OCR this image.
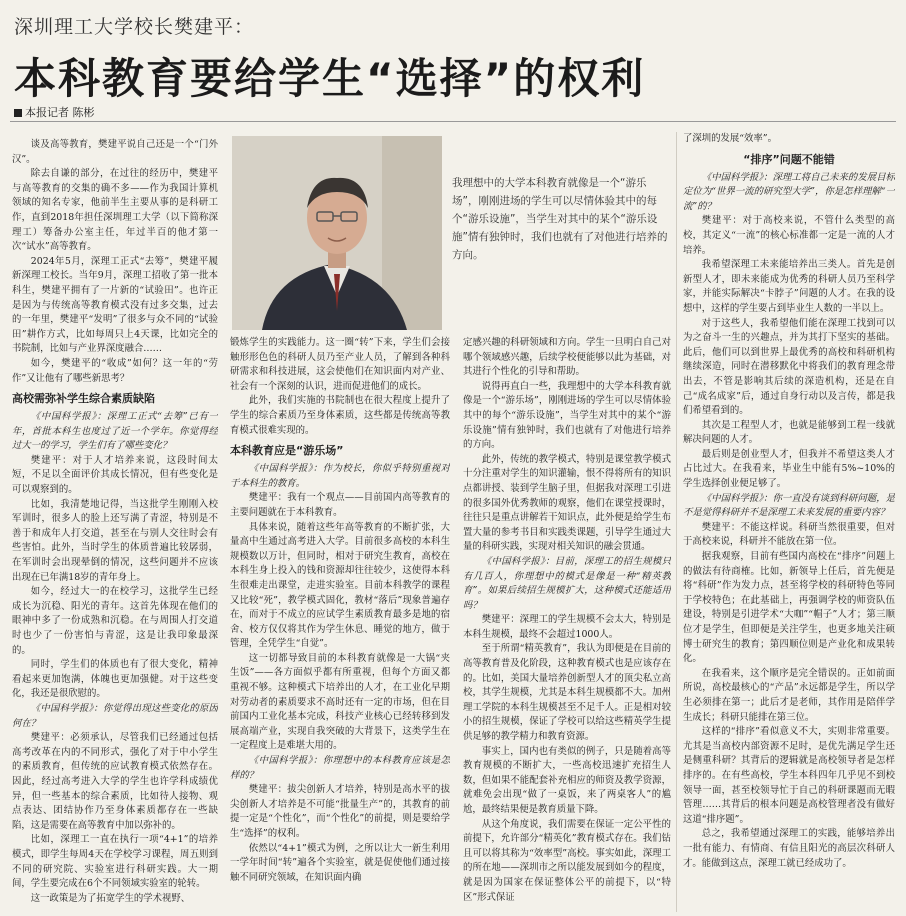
深圳理工大学校长樊建平：
本科教育要给学生“选择”的权利
本报记者 陈彬

谈及高等教育，樊建平说自己还是一个“门外汉”。

除去自谦的部分，在过往的经历中，樊建平与高等教育的交集的确不多——作为我国计算机领域的知名专家，他前半生主要从事的是科研工作，直到2018年担任深圳理工大学（以下简称深理工）筹备办公室主任，年过半百的他才第一次“试水”高等教育。

2024年5月，深理工正式“去筹”，樊建平履新深理工校长。当年9月，深理工招收了第一批本科生，樊建平拥有了一片新的“试验田”。也许正是因为与传统高等教育模式没有过多交集，过去的一年里，樊建平“发明”了很多与众不同的“试验田”耕作方式，比如每周只上4天课，比如完全的书院制，比如与产业界深度融合……

如今，樊建平的“收成”如何？这一年的“劳作”又让他有了哪些新思考？

高校需弥补学生综合素质缺陷

《中国科学报》：深理工正式“去筹”已有一年，首批本科生也度过了近一个学年。你觉得经过大一的学习，学生们有了哪些变化？

樊建平：对于人才培养来说，这段时间太短，不足以全面评价其成长情况，但有些变化是可以观察到的。

比如，我清楚地记得，当这批学生刚刚入校军训时，很多人的脸上还写满了青涩，特别是不善于和成年人打交道，甚至在与别人交往时会有些害怕。此外，当时学生的体质普遍比较孱弱，在军训时会出现晕倒的情况，这些问题并不应该出现在已年满18岁的青年身上。

如今，经过大一的在校学习，这批学生已经成长为沉稳、阳光的青年。这首先体现在他们的眼神中多了一份成熟和沉稳。在与周围人打交道时也少了一份害怕与青涩，这是让我印象最深的。

同时，学生们的体质也有了很大变化，精神看起来更加饱满，体魄也更加强健。对于这些变化，我还是很欣慰的。

《中国科学报》：你觉得出现这些变化的原因何在？

樊建平：必须承认，尽管我们已经通过包括高考改革在内的不同形式，强化了对于中小学生的素质教育，但传统的应试教育模式依然存在。因此，经过高考进入大学的学生也许学科成绩优异，但一些基本的综合素质，比如待人接物、观点表达、团结协作乃至身体素质都存在一些缺陷，这是需要在高等教育中加以弥补的。

比如，深理工一直在执行一项“4+1”的培养模式，即学生每周4天在学校学习课程，周五则到不同的研究院、实验室进行科研实践。大一期间，学生要完成在6个不同领域实验室的轮转。

这一政策是为了拓宽学生的学术视野、

我理想中的大学本科教育就像是一个“游乐场”，刚刚进场的学生可以尽情体验其中的每个“游乐设施”，当学生对其中的某个“游乐设施”情有独钟时，我们也就有了对他进行培养的方向。

锻炼学生的实践能力。这一圈“转”下来，学生们会接触形形色色的科研人员乃至产业人员，了解到各种科研需求和科技进展，这会使他们在知识面内对产业、社会有一个深刻的认识，进而促进他们的成长。

此外，我们实施的书院制也在很大程度上提升了学生的综合素质乃至身体素质，这些都是传统高等教育模式很难实现的。

本科教育应是“游乐场”

《中国科学报》：作为校长，你似乎特别重视对于本科生的教育。

樊建平：我有一个观点——目前国内高等教育的主要问题就在于本科教育。

具体来说，随着这些年高等教育的不断扩张，大量高中生通过高考进入大学。目前很多高校的本科生规模数以万计，但同时，相对于研究生教育，高校在本科生身上投入的钱和资源却往往较少，这使得本科生很难走出课堂，走进实验室。目前本科教学的课程又比较“死”，教学模式固化，教材“落后”现象普遍存在，而对于不成立的应试学生素质教育最多是地的宿舍、校方仅仅将其作为学生休息、睡觉的地方，做于管理，全凭学生“自觉”。

这一切都导致目前的本科教育就像是一大锅“夹生饭”——各方面似乎都有所重视，但每个方面又都重视不够。这种模式下培养出的人才，在工业化早期对劳动者的素质要求不高时还有一定的市场，但在目前国内工业化基本完成，科技产业核心已经转移到发展高端产业，实现自我突破的大背景下，这类学生在一定程度上是难堪大用的。

《中国科学报》：你理想中的本科教育应该是怎样的？

樊建平：拔尖创新人才培养，特别是高水平的拔尖创新人才培养是不可能“批量生产”的，其教育的前提一定是“个性化”，而“个性化”的前提，则是要给学生“选择”的权利。

依然以“4+1”模式为例，之所以让大一新生利用一学年时间“转”遍各个实验室，就是促使他们通过接触不同研究领域，在知识面内确

定感兴趣的科研领域和方向。学生一旦明白自己对哪个领域感兴趣，后续学校便能够以此为基础，对其进行个性化的引导和帮助。

说得再直白一些，我理想中的大学本科教育就像是一个“游乐场”，刚刚进场的学生可以尽情体验其中的每个“游乐设施”，当学生对其中的某个“游乐设施”情有独钟时，我们也就有了对他进行培养的方向。

此外，传统的教学模式，特别是课堂教学模式十分注重对学生的知识灌输，恨不得将所有的知识点都讲授、装到学生脑子里，但据我对深理工引进的很多国外优秀教师的观察，他们在课堂授课时，往往只是重点讲解若干知识点，此外便是给学生布置大量的参考书目和实践类课题，引导学生通过大量的科研实践，实现对相关知识的融会贯通。

《中国科学报》：目前，深理工的招生规模只有几百人，你理想中的模式是像是一种“精英教育”。如果后续招生规模扩大，这种模式还能适用吗？

樊建平：深理工的学生规模不会太大，特别是本科生规模，最终不会超过1000人。

至于所谓“精英教育”，我认为即便是在目前的高等教育普及化阶段，这种教育模式也是应该存在的。比如，美国大量培养创新型人才的顶尖私立高校，其学生规模，尤其是本科生规模都不大。加州理工学院的本科生规模甚至不足千人。正是相对较小的招生规模，保证了学校可以给这些精英学生提供足够的教学精力和教育资源。

事实上，国内也有类似的例子，只是随着高等教育规模的不断扩大，一些高校迅速扩充招生人数，但如果不能配套补充相应的师资及教学资源，就难免会出现“做了一桌饭，来了两桌客人”的尴尬，最终结果便是教育质量下降。

从这个角度说，我们需要在保证一定公平性的前提下，允许部分“精英化”教育模式存在。我们钻且可以将其称为“效率型”高校。事实如此，深理工的所在地——深圳市之所以能发展到如今的程度，就是因为国家在保证整体公平的前提下，以“特区”形式保证

了深圳的发展“效率”。

“排序”问题不能错

《中国科学报》：深理工将自己未来的发展目标定位为“世界一流的研究型大学”，你是怎样理解“一流”的？

樊建平：对于高校来说，不管什么类型的高校，其定义“一流”的核心标准都一定是一流的人才培养。

我希望深理工未来能培养出三类人。首先是创新型人才，即未来能成为优秀的科研人员乃至科学家，并能实际解决“卡脖子”问题的人才。在我的设想中，这样的学生要占到毕业生人数的一半以上。

对于这些人，我希望他们能在深理工找到可以为之奋斗一生的兴趣点，并为其打下坚实的基础。此后，他们可以到世界上最优秀的高校和科研机构继续深造，同时在潜移默化中将我们的教育理念带出去，不管是影响其后续的深造机构，还是在自己“成名成家”后，通过自身行动以及言传，都是我们希望看到的。

其次是工程型人才，也就是能够到工程一线就解决问题的人才。

最后则是创业型人才，但我并不希望这类人才占比过大。在我看来，毕业生中能有5%~10%的学生选择创业便足够了。

《中国科学报》：你一直没有谈到科研问题，是不是觉得科研并不是深理工未来发展的重要内容？

樊建平：不能这样说。科研当然很重要，但对于高校来说，科研并不能放在第一位。

据我观察，目前有些国内高校在“排序”问题上的做法有待商榷。比如，新领导上任后，首先便是将“科研”作为发力点，甚至将学校的科研特色等同于学校特色；在此基础上，再强调学校的师资队伍建设，特别是引进学术“大咖”“帽子”人才；第三顺位才是学生，但即便是关注学生，也更多地关注硕博士研究生的教育；第四顺位则是产业化和成果转化。

在我看来，这个顺序是完全错误的。正如前面所说，高校最核心的“产品”永远都是学生，所以学生必须排在第一；此后才是老师，其作用是陪伴学生成长；科研只能排在第三位。

这样的“排序”看似意义不大，实则非常重要。尤其是当高校内部资源不足时，是优先满足学生还是侧重科研？其背后的逻辑就是高校领导者是怎样排序的。在有些高校，学生本科四年几乎见不到校领导一面，甚至校领导忙于自己的科研课题而无暇管理……其背后的根本问题是高校管理者没有做好这道“排序题”。

总之，我希望通过深理工的实践，能够培养出一批有能力、有情商、有信且阳光的高层次科研人才。能做到这点，深理工就已经成功了。
